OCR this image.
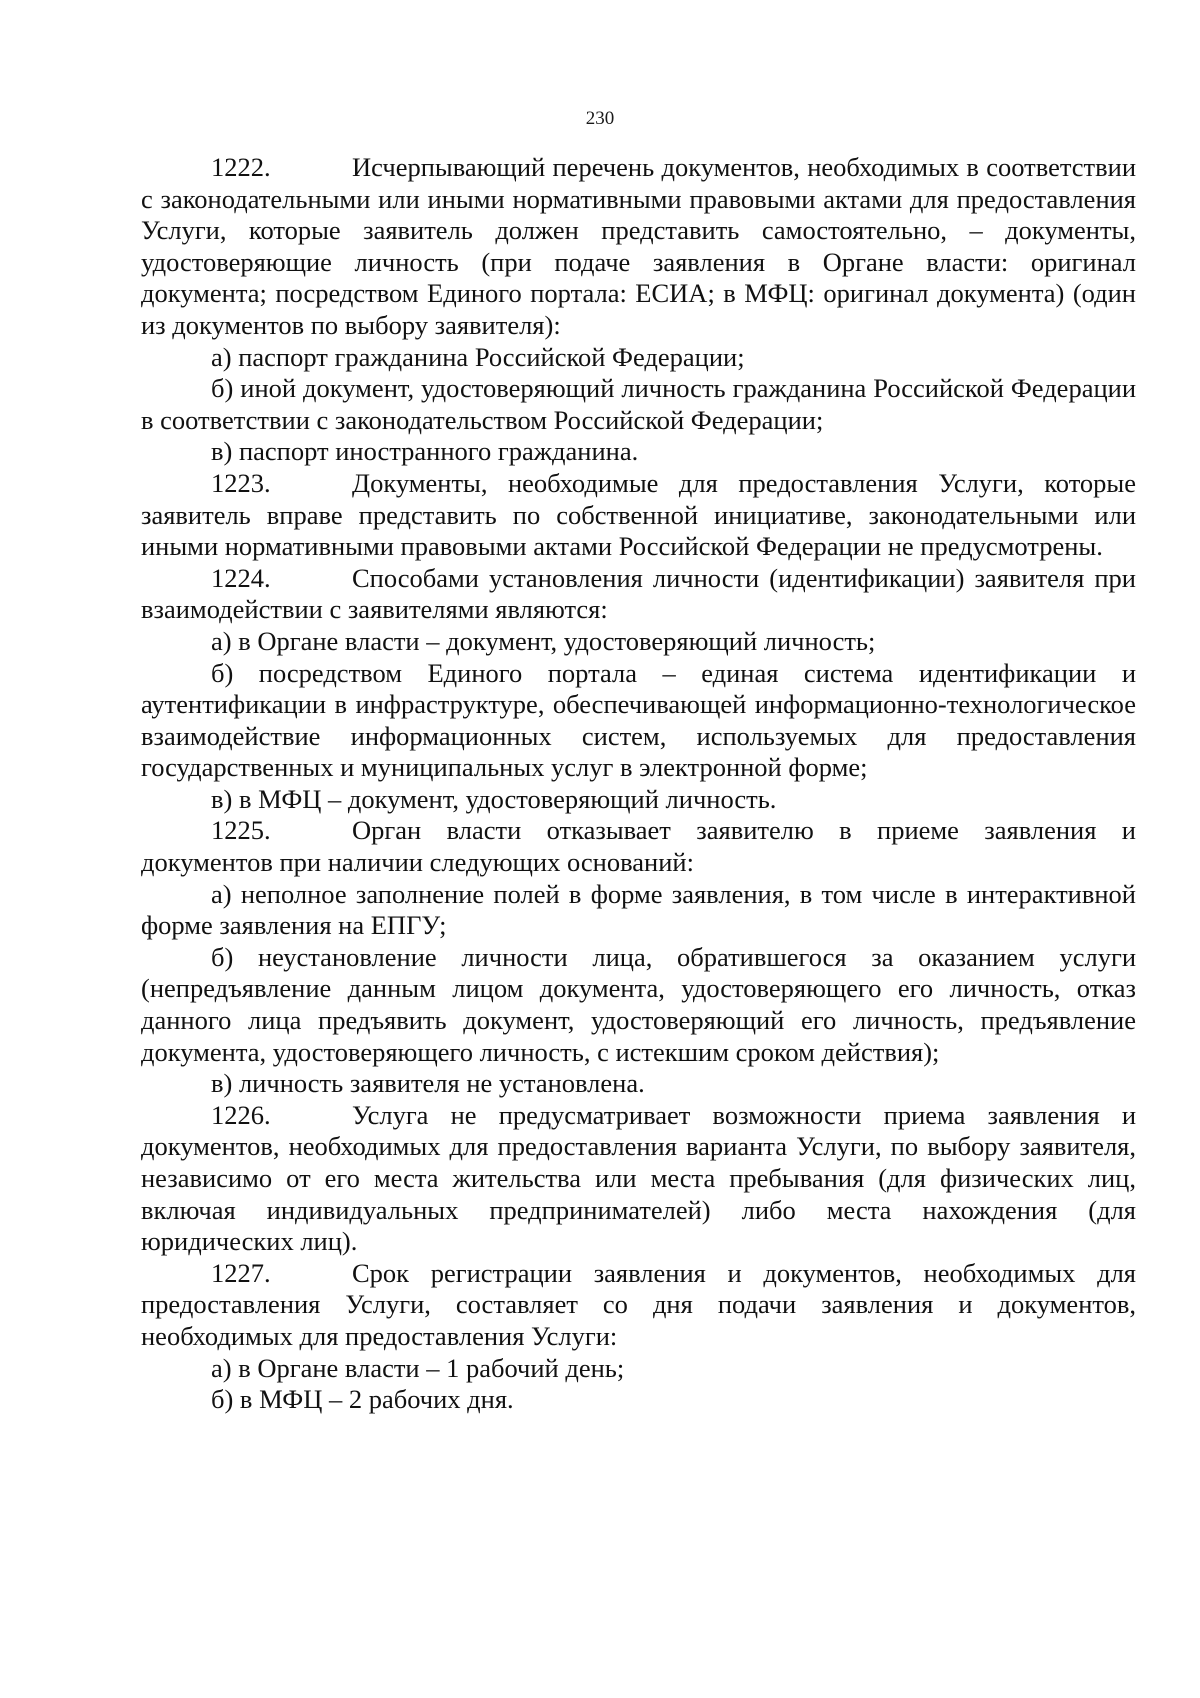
230

1222.	Исчерпывающий перечень документов, необходимых в соответствии с законодательными или иными нормативными правовыми актами для предоставления Услуги, которые заявитель должен представить самостоятельно, – документы, удостоверяющие личность (при подаче заявления в Органе власти: оригинал документа; посредством Единого портала: ЕСИА; в МФЦ: оригинал документа) (один из документов по выбору заявителя):

а) паспорт гражданина Российской Федерации;

б) иной документ, удостоверяющий личность гражданина Российской Федерации в соответствии с законодательством Российской Федерации;

в) паспорт иностранного гражданина.

1223.	Документы, необходимые для предоставления Услуги, которые заявитель вправе представить по собственной инициативе, законодательными или иными нормативными правовыми актами Российской Федерации не предусмотрены.

1224.	Способами установления личности (идентификации) заявителя при взаимодействии с заявителями являются:

а) в Органе власти – документ, удостоверяющий личность;

б) посредством Единого портала – единая система идентификации и аутентификации в инфраструктуре, обеспечивающей информационно-технологическое взаимодействие информационных систем, используемых для предоставления государственных и муниципальных услуг в электронной форме;

в) в МФЦ – документ, удостоверяющий личность.

1225.	Орган власти отказывает заявителю в приеме заявления и документов при наличии следующих оснований:

а) неполное заполнение полей в форме заявления, в том числе в интерактивной форме заявления на ЕПГУ;

б) неустановление личности лица, обратившегося за оказанием услуги (непредъявление данным лицом документа, удостоверяющего его личность, отказ данного лица предъявить документ, удостоверяющий его личность, предъявление документа, удостоверяющего личность, с истекшим сроком действия);

в) личность заявителя не установлена.

1226.	Услуга не предусматривает возможности приема заявления и документов, необходимых для предоставления варианта Услуги, по выбору заявителя, независимо от его места жительства или места пребывания (для физических лиц, включая индивидуальных предпринимателей) либо места нахождения (для юридических лиц).

1227.	Срок регистрации заявления и документов, необходимых для предоставления Услуги, составляет со дня подачи заявления и документов, необходимых для предоставления Услуги:

а) в Органе власти – 1 рабочий день;

б) в МФЦ – 2 рабочих дня.
